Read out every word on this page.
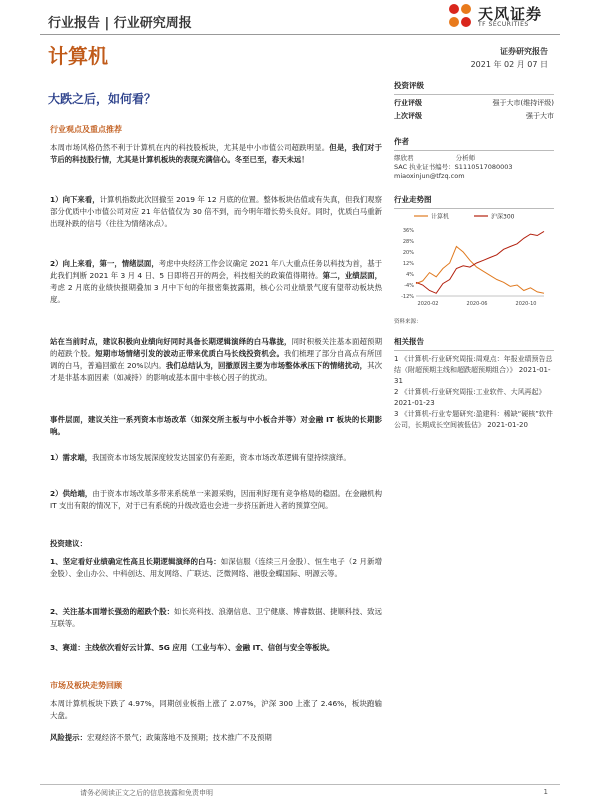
行业报告 | 行业研究周报
天风证券
TF SECURITIES
计算机	证券研究报告
2021 年 02 月 07 日
大跌之后，如何看？
行业观点及重点推荐
本周市场风格仍然不利于计算机在内的科技股板块，尤其是中小市值公司超跌明显。但是，我们对于节后的科技股行情，尤其是计算机板块的表现充满信心。冬至已至，春天未远！
1）向下来看，计算机指数此次回撤至 2019 年 12 月底的位置。整体板块估值或有失真，但我们观察部分优质中小市值公司对应 21 年估值仅为 30 倍不到，而今明年增长势头良好。同时，优质白马重新出现补跌的信号（往往为情绪冰点）。
2）向上来看，第一，情绪层面，考虑中央经济工作会议确定 2021 年八大重点任务以科技为首，基于此我们判断 2021 年 3 月 4 日、5 日即将召开的两会，科技相关的政策值得期待。第二，业绩层面，考虑 2 月底的业绩快报期叠加 3 月中下旬的年报密集披露期，核心公司业绩景气度有望带动板块热度。
站在当前时点，建议积极向业绩向好同时具备长期逻辑演绎的白马靠拢，同时积极关注基本面超预期的超跌个股。短期市场情绪引发的波动正带来优质白马长线投资机会。我们梳理了部分自高点有所回调的白马，普遍回撤在 20%以内。我们总结认为，回撤原因主要为市场整体承压下的情绪扰动，其次才是非基本面因素（如减持）的影响或基本面中非核心因子的扰动。
事件层面，建议关注一系列资本市场改革（如深交所主板与中小板合并等）对金融 IT 板块的长期影响。
1）需求端，我国资本市场发展深度较发达国家仍有差距，资本市场改革逻辑有望持续演绎。
2）供给端，由于资本市场改革多带来系统单一来源采购，因而利好现有竞争格局的稳固。在金融机构 IT 支出有限的情况下，对于已有系统的升级改造也会进一步挤压新进入者的预算空间。
投资建议：
1、坚定看好业绩确定性高且长期逻辑演绎的白马：如深信服（连续三月金股）、恒生电子（2 月新增金股）、金山办公、中科创达、用友网络、广联达、泛微网络、港股金蝶国际、明源云等。
2、关注基本面增长强劲的超跌个股：如长亮科技、浪潮信息、卫宁健康、博睿数据、捷顺科技、致远互联等。
3、赛道：主线依次看好云计算、5G 应用（工业与车）、金融 IT、信创与安全等板块。
市场及板块走势回顾
本周计算机板块下跌了 4.97%，同期创业板指上涨了 2.07%，沪深 300 上涨了 2.46%，板块跑输大盘。
风险提示：宏观经济不景气；政策落地不及预期；技术推广不及预期
投资评级
行业评级	强于大市(维持评级)
上次评级	强于大市
作者
缪欣君	分析师
SAC 执业证书编号：S1110517080003
miaoxinjun@tfzq.com
行业走势图
计算机	沪深300
36%
28%
20%
12%
4%
-4%
-12%
2020-02	2020-06	2020-10
资料来源：
相关报告
1 《计算机-行业研究周报:周观点：年报业绩预告总结（附超预期主线和超跌超预期组合）》 2021-01-31
2 《计算机-行业研究周报:工业软件、大风再起》 2021-01-23
3 《计算机-行业专题研究:盈建科：稀缺“硬核”软件公司，长期成长空间被低估》 2021-01-20
请务必阅读正文之后的信息披露和免责申明	1
